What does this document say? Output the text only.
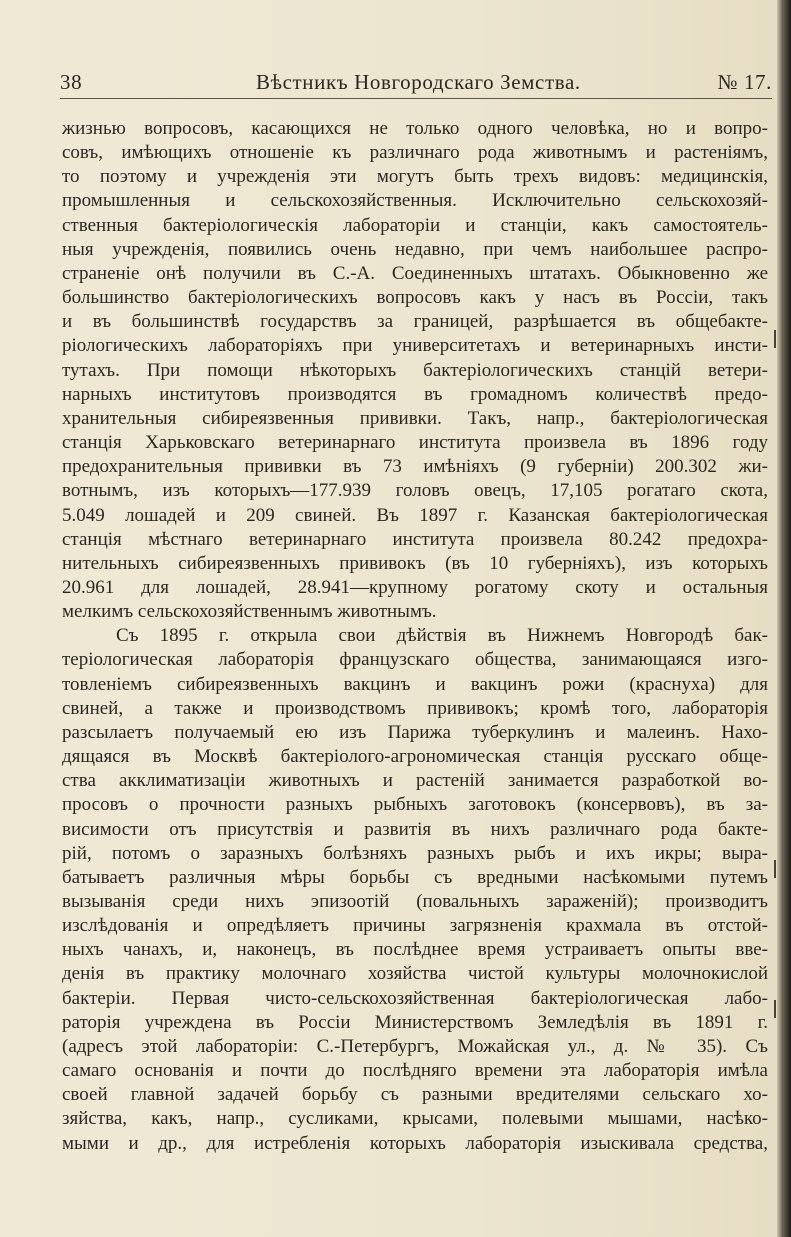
38	Вѣстникъ Новгородскаго Земства.	№ 17.
жизнью вопросовъ, касающихся не только одного человѣка, но и вопро-
совъ, имѣющихъ отношеніе къ различнаго рода животнымъ и растеніямъ,
то поэтому и учрежденія эти могутъ быть трехъ видовъ: медицинскія,
промышленныя и сельскохозяйственныя. Исключительно сельскохозяй-
ственныя бактеріологическія лабораторіи и станціи, какъ самостоятель-
ныя учрежденія, появились очень недавно, при чемъ наибольшее распро-
страненіе онѣ получили въ С.-А. Соединенныхъ штатахъ. Обыкновенно же
большинство бактеріологическихъ вопросовъ какъ у насъ въ Россіи, такъ
и въ большинствѣ государствъ за границей, разрѣшается въ общебакте-
ріологическихъ лабораторіяхъ при университетахъ и ветеринарныхъ инсти-
тутахъ. При помощи нѣкоторыхъ бактеріологическихъ станцій ветери-
нарныхъ институтовъ производятся въ громадномъ количествѣ предо-
хранительныя сибиреязвенныя прививки. Такъ, напр., бактеріологическая
станція Харьковскаго ветеринарнаго института произвела въ 1896 году
предохранительныя прививки въ 73 имѣніяхъ (9 губерніи) 200.302 жи-
вотнымъ, изъ которыхъ—177.939 головъ овецъ, 17,105 рогатаго скота,
5.049 лошадей и 209 свиней. Въ 1897 г. Казанская бактеріологическая
станція мѣстнаго ветеринарнаго института произвела 80.242 предохра-
нительныхъ сибиреязвенныхъ прививокъ (въ 10 губерніяхъ), изъ которыхъ
20.961 для лошадей, 28.941—крупному рогатому скоту и остальныя
мелкимъ сельскохозяйственнымъ животнымъ.
Съ 1895 г. открыла свои дѣйствія въ Нижнемъ Новгородѣ бак-
теріологическая лабораторія французскаго общества, занимающаяся изго-
товленіемъ сибиреязвенныхъ вакцинъ и вакцинъ рожи (краснуха) для
свиней, а также и производствомъ прививокъ; кромѣ того, лабораторія
разсылаетъ получаемый ею изъ Парижа туберкулинъ и малеинъ. Нахо-
дящаяся въ Москвѣ бактеріолого-агрономическая станція русскаго обще-
ства акклиматизаціи животныхъ и растеній занимается разработкой во-
просовъ о прочности разныхъ рыбныхъ заготовокъ (консервовъ), въ за-
висимости отъ присутствія и развитія въ нихъ различнаго рода бакте-
рій, потомъ о заразныхъ болѣзняхъ разныхъ рыбъ и ихъ икры; выра-
батываетъ различныя мѣры борьбы съ вредными насѣкомыми путемъ
вызыванія среди нихъ эпизоотій (повальныхъ зараженій); производитъ
изслѣдованія и опредѣляетъ причины загрязненія крахмала въ отстой-
ныхъ чанахъ, и, наконецъ, въ послѣднее время устраиваетъ опыты вве-
денія въ практику молочнаго хозяйства чистой культуры молочнокислой
бактеріи. Первая чисто-сельскохозяйственная бактеріологическая лабо-
раторія учреждена въ Россіи Министерствомъ Земледѣлія въ 1891 г.
(адресъ этой лабораторіи: С.-Петербургъ, Можайская ул., д. № 35). Съ
самаго основанія и почти до послѣдняго времени эта лабораторія имѣла
своей главной задачей борьбу съ разными вредителями сельскаго хо-
зяйства, какъ, напр., сусликами, крысами, полевыми мышами, насѣко-
мыми и др., для истребленія которыхъ лабораторія изыскивала средства,
